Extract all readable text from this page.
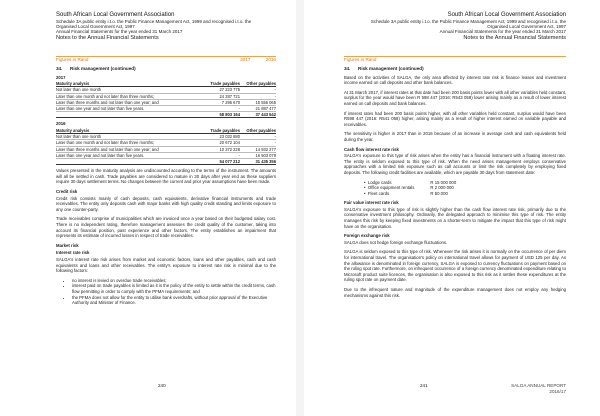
South African Local Government Association
Schedule 3A public entity i.t.o. the Public Finance Management Act, 1999 and recognised i.t.o. the
Organised Local Government Act, 1997
Annual Financial Statements for the year ended 31 March 2017
Notes to the Annual Financial Statements
Figures in Rand	2017	2016
34. Risk management (continued)
2017
Maturity analysis	Trade payables	Other payables
Not later than one month	27 223 775	-
Later than one month and not later than three months;	24 287 721	-
Later than three months and not later than one year; and	7 295 670	15 556 065
Later than one year and not later than five years.	-	21 887 477
	58 803 164	37 443 542
2016
Maturity analysis	Trade payables	Other payables
Not later than one month	23 032 880	-
Later than one month and not later than three months;	20 672 104	-
Later than three months and not later than one year; and	10 372 228	14 932 277
Later than one year and not later than five years.	-	16 503 079
	54 077 212	31 435 356

Values presented in the maturity analysis are undiscounted according to the terms of the instrument. The amounts will all be settled in cash. Trade payables are considered to mature in 30 days after year end as these suppliers require 30 days settlement terms. No changes between the current and prior year assumptions have been made.

Credit risk

Credit risk consists mainly of cash deposits, cash equivalents, derivative financial instruments and trade receivables. The entity only deposits cash with major banks with high quality credit standing and limits exposure to any one counter-party.

Trade receivables comprise of municipalities which are invoiced once a year based on their budgeted salary cost. There is no independent rating, therefore management assesses the credit quality of the customer, taking into account its financial position, past experience and other factors. The entity establishes an impairment that represents its estimate of incurred losses in respect of trade receivables.

Market risk
Interest rate risk

SALGA's interest rate risk arises from market and economic factors, loans and other payables, cash and cash equivalents and loans and other receivables. The entity's exposure to interest rate risk is minimal due to the following factors:

• no interest is levied on overdue trade receivables;
• interest paid on trade payables is limited as it is the policy of the entity to settle within the credit terms, cash flow permitting in order to comply with the PFMA requirements; and
• the PFMA does not allow for the entity to utilise bank overdrafts, without prior approval of the Executive Authority and Minister of Finance.
240
South African Local Government Association
Schedule 3A public entity i.t.o. the Public Finance Management Act, 1999 and recognised i.t.o. the
Organised Local Government Act, 1997
Annual Financial Statements for the year ended 31 March 2017
Notes to the Annual Financial Statements
Figures in Rand
34. Risk management (continued)

Based on the activities of SALGA, the only area affected by interest rate risk is finance leases and investment income earned on call deposits and other bank balances.

At 31 March 2017, if interest rates at that date had been 200 basis points lower with all other variables held constant, surplus for the year would have been R 598 447 (2016: R543 058) lower arising mainly as a result of lower interest earned on call deposits and bank balances.

If interest rates had been 200 basis points higher, with all other variables held constant, surplus would have been R598 447 (2016: R541 058) higher, arising mainly as a result of higher interest earned on variable payable and receivables.

The sensitivity is higher in 2017 than in 2016 because of an increase in average cash and cash equivalents held during the year.

Cash flow interest rate risk

SALGA's exposure to this type of risk arises when the entity has a financial instrument with a floating interest rate. The entity is seldom exposed to this type of risk. When the need arises management employs conservative approaches with a limited risk exposure such as call accounts or limit the risk completely by employing fixed deposits. The following credit facilities are available, which are payable 30 days from statement date:

•  Lodge cards	R 15 000 000
•  Office equipment rentals	R 2 000 000
•  Fleet cards	R 50 000
Fair value interest rate risk

SALGA's exposure to this type of risk is slightly higher than the cash flow interest rate risk, primarily due to the conservative investment philosophy. Ordinarily, the delegated approach to minimise this type of risk. The entity manages this risk by keeping fixed investments on a shorter-term to mitigate the impact that this type of risk might have on the organisation.

Foreign exchange risk

SALGA does not hedge foreign exchange fluctuations.

SALGA is seldom exposed to this type of risk. Whenever the risk arises it is normally on the occurrence of per diem for international travel. The organisation's policy on international travel allows for payment of USD 125 per day. As the allowance is denominated in foreign currency, SALGA is exposed to currency fluctuations on payment based on the ruling spot rate. Furthermore, on infrequent occurrence of a foreign currency denominated expenditure relating to Microsoft product suite licences, the organisation is also exposed to this risk as it settles these expenditures at the ruling spot rate on payment date.

Due to the infrequent nature and magnitude of the expenditure management does not employ any hedging mechanisms against this risk.

241	SALGA ANNUAL REPORT
2016/17
